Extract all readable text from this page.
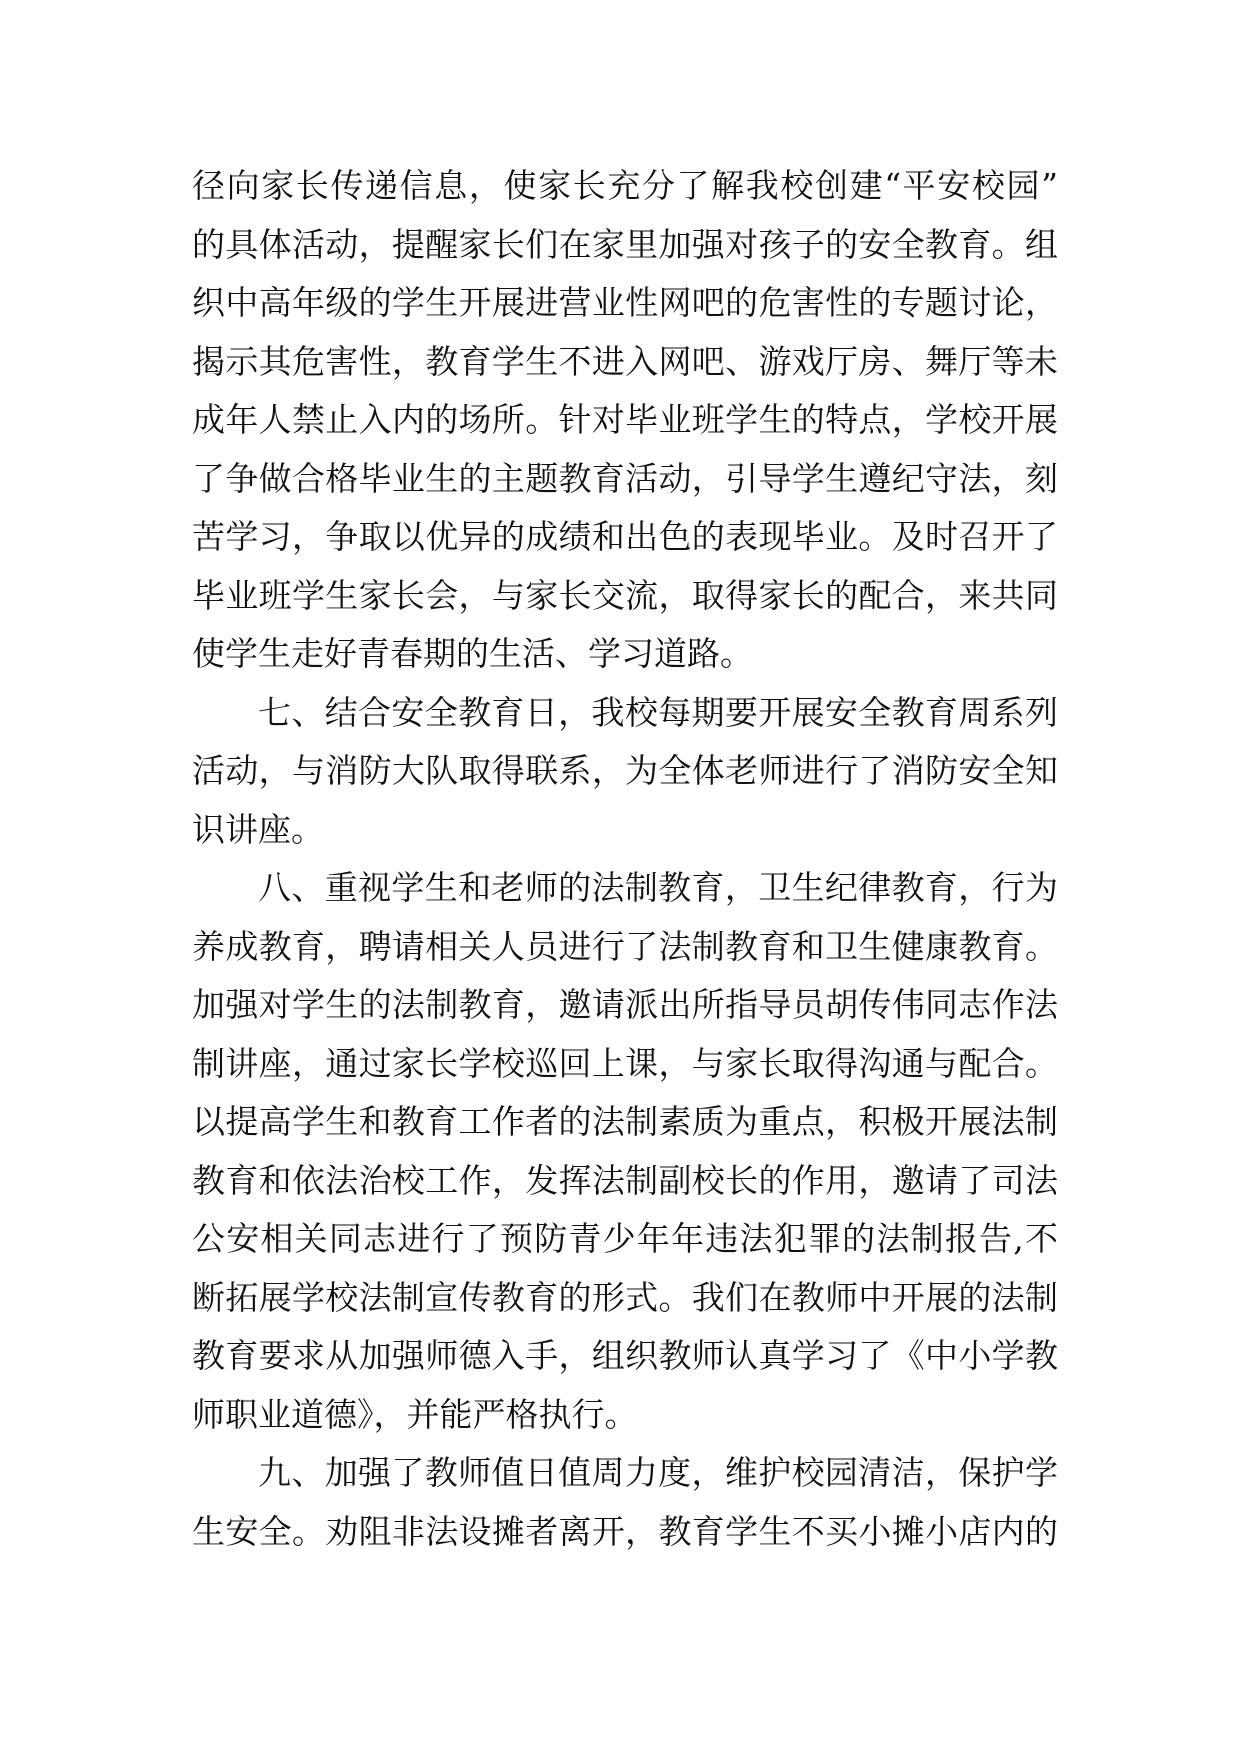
径向家长传递信息，使家长充分了解我校创建“平安校园”
的具体活动，提醒家长们在家里加强对孩子的安全教育。组
织中高年级的学生开展进营业性网吧的危害性的专题讨论，
揭示其危害性，教育学生不进入网吧、游戏厅房、舞厅等未
成年人禁止入内的场所。针对毕业班学生的特点，学校开展
了争做合格毕业生的主题教育活动，引导学生遵纪守法，刻
苦学习，争取以优异的成绩和出色的表现毕业。及时召开了
毕业班学生家长会，与家长交流，取得家长的配合，来共同
使学生走好青春期的生活、学习道路。
七、结合安全教育日，我校每期要开展安全教育周系列
活动，与消防大队取得联系，为全体老师进行了消防安全知
识讲座。
八、重视学生和老师的法制教育，卫生纪律教育，行为
养成教育，聘请相关人员进行了法制教育和卫生健康教育。
加强对学生的法制教育，邀请派出所指导员胡传伟同志作法
制讲座，通过家长学校巡回上课，与家长取得沟通与配合。
以提高学生和教育工作者的法制素质为重点，积极开展法制
教育和依法治校工作，发挥法制副校长的作用，邀请了司法
公安相关同志进行了预防青少年年违法犯罪的法制报告,不
断拓展学校法制宣传教育的形式。我们在教师中开展的法制
教育要求从加强师德入手，组织教师认真学习了《中小学教
师职业道德》，并能严格执行。
九、加强了教师值日值周力度，维护校园清洁，保护学
生安全。劝阻非法设摊者离开，教育学生不买小摊小店内的
